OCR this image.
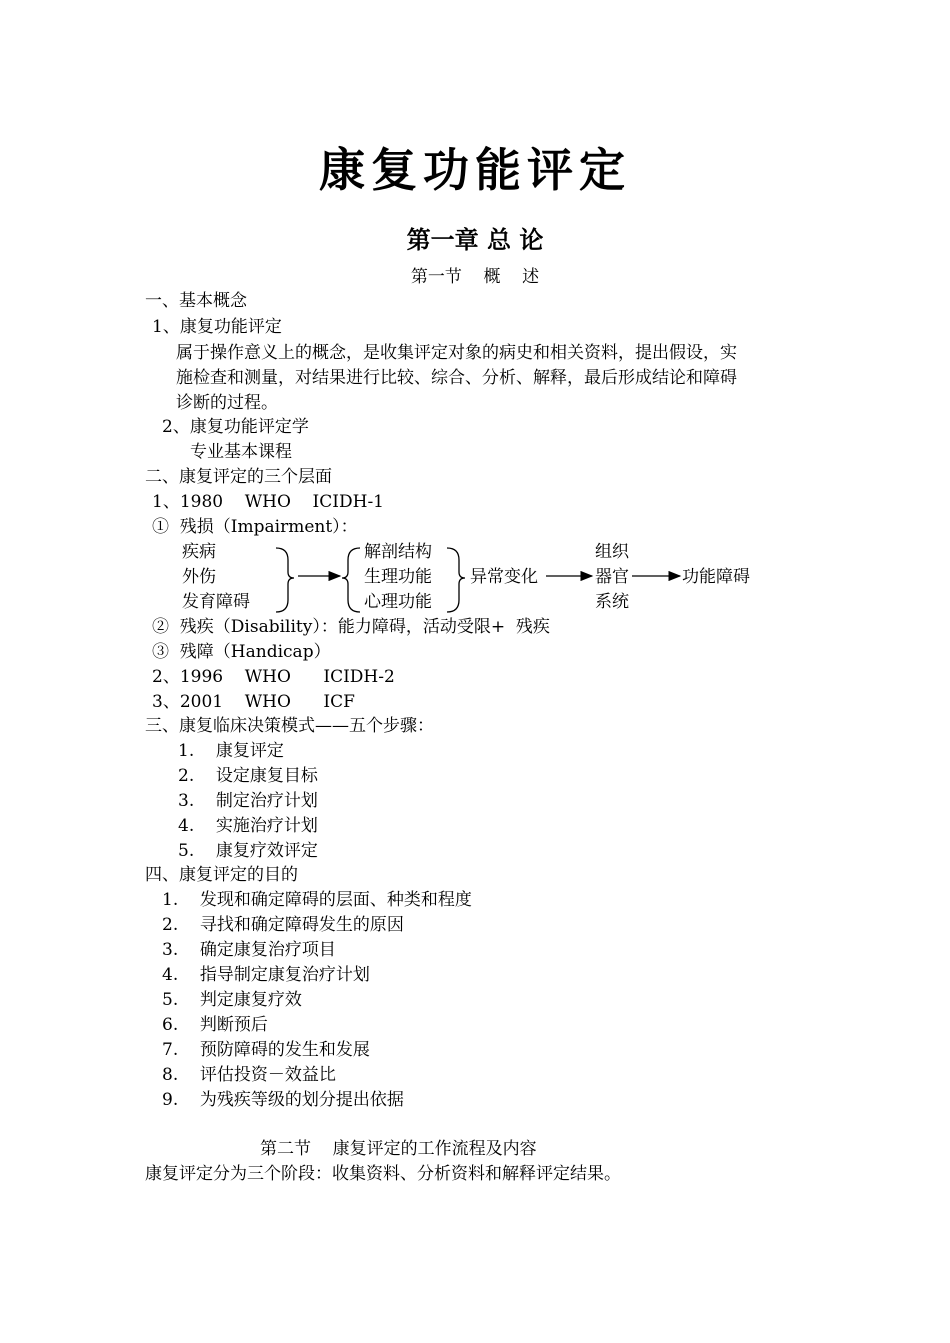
康复功能评定
第一章 总 论
第一节    概    述
一、基本概念
1、康复功能评定
属于操作意义上的概念，是收集评定对象的病史和相关资料，提出假设，实
施检查和测量，对结果进行比较、综合、分析、解释，最后形成结论和障碍
诊断的过程。
2、康复功能评定学
专业基本课程
二、康复评定的三个层面
1、1980    WHO    ICIDH-1
①  残损（Impairment）：
疾病
外伤
发育障碍
解剖结构
生理功能
心理功能
异常变化
组织
器官
系统
功能障碍
②  残疾（Disability）：能力障碍，活动受限+  残疾
③  残障（Handicap）
2、1996    WHO      ICIDH-2
3、2001    WHO      ICF
三、康复临床决策模式——五个步骤：
1.    康复评定
2.    设定康复目标
3.    制定治疗计划
4.    实施治疗计划
5.    康复疗效评定
四、康复评定的目的
1.    发现和确定障碍的层面、种类和程度
2.    寻找和确定障碍发生的原因
3.    确定康复治疗项目
4.    指导制定康复治疗计划
5.    判定康复疗效
6.    判断预后
7.    预防障碍的发生和发展
8.    评估投资－效益比
9.    为残疾等级的划分提出依据
第二节    康复评定的工作流程及内容
康复评定分为三个阶段：收集资料、分析资料和解释评定结果。
